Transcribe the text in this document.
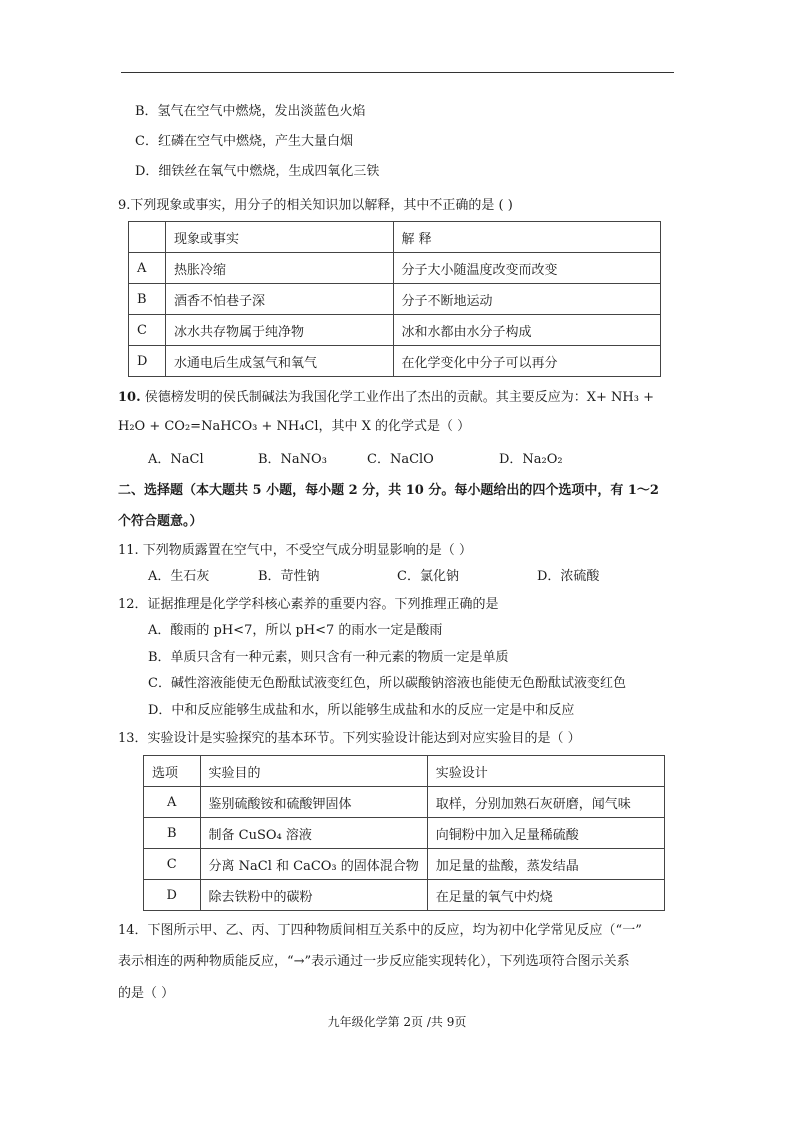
B．氢气在空气中燃烧，发出淡蓝色火焰
C．红磷在空气中燃烧，产生大量白烟
D．细铁丝在氧气中燃烧，生成四氧化三铁
9.下列现象或事实，用分子的相关知识加以解释，其中不正确的是 ( )
	现象或事实	解 释
A	热胀冷缩	分子大小随温度改变而改变
B	酒香不怕巷子深	分子不断地运动
C	冰水共存物属于纯净物	冰和水都由水分子构成
D	水通电后生成氢气和氧气	在化学变化中分子可以再分
10. 侯德榜发明的侯氏制碱法为我国化学工业作出了杰出的贡献。其主要反应为：X+ NH₃ +
H₂O + CO₂=NaHCO₃ + NH₄Cl，其中 X 的化学式是（ ）
A．NaCl	B．NaNO₃	C．NaClO	D．Na₂O₂
二、选择题（本大题共 5 小题，每小题 2 分，共 10 分。每小题给出的四个选项中，有 1～2
个符合题意。）
11. 下列物质露置在空气中，不受空气成分明显影响的是（ ）
A．生石灰	B．苛性钠	C．氯化钠	D．浓硫酸
12．证据推理是化学学科核心素养的重要内容。下列推理正确的是
A．酸雨的 pH<7，所以 pH<7 的雨水一定是酸雨
B．单质只含有一种元素，则只含有一种元素的物质一定是单质
C．碱性溶液能使无色酚酞试液变红色，所以碳酸钠溶液也能使无色酚酞试液变红色
D．中和反应能够生成盐和水，所以能够生成盐和水的反应一定是中和反应
13．实验设计是实验探究的基本环节。下列实验设计能达到对应实验目的是（ ）
选项	实验目的	实验设计
A	鉴别硫酸铵和硫酸钾固体	取样，分别加熟石灰研磨，闻气味
B	制备 CuSO₄ 溶液	向铜粉中加入足量稀硫酸
C	分离 NaCl 和 CaCO₃ 的固体混合物	加足量的盐酸，蒸发结晶
D	除去铁粉中的碳粉	在足量的氧气中灼烧
14．下图所示甲、乙、丙、丁四种物质间相互关系中的反应，均为初中化学常见反应（“一”
表示相连的两种物质能反应，“→”表示通过一步反应能实现转化），下列选项符合图示关系
的是（ ）
九年级化学第 2页 /共 9页
